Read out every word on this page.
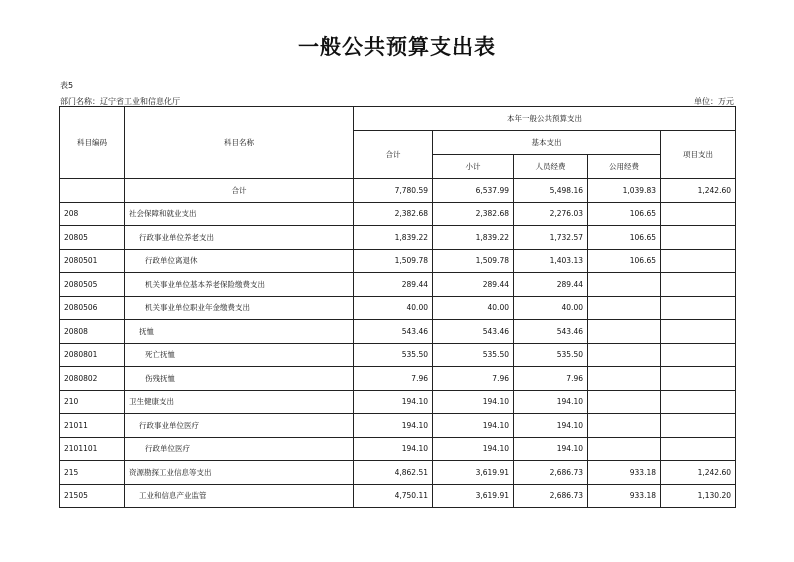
一般公共预算支出表
表5
部门名称：辽宁省工业和信息化厅	单位：万元
科目编码	科目名称	本年一般公共预算支出				
		合计	基本支出			项目支出
			小计	人员经费	公用经费	
	合计	7,780.59	6,537.99	5,498.16	1,039.83	1,242.60
208	社会保障和就业支出	2,382.68	2,382.68	2,276.03	106.65	
20805	行政事业单位养老支出	1,839.22	1,839.22	1,732.57	106.65	
2080501	行政单位离退休	1,509.78	1,509.78	1,403.13	106.65	
2080505	机关事业单位基本养老保险缴费支出	289.44	289.44	289.44		
2080506	机关事业单位职业年金缴费支出	40.00	40.00	40.00		
20808	抚恤	543.46	543.46	543.46		
2080801	死亡抚恤	535.50	535.50	535.50		
2080802	伤残抚恤	7.96	7.96	7.96		
210	卫生健康支出	194.10	194.10	194.10		
21011	行政事业单位医疗	194.10	194.10	194.10		
2101101	行政单位医疗	194.10	194.10	194.10		
215	资源勘探工业信息等支出	4,862.51	3,619.91	2,686.73	933.18	1,242.60
21505	工业和信息产业监管	4,750.11	3,619.91	2,686.73	933.18	1,130.20
